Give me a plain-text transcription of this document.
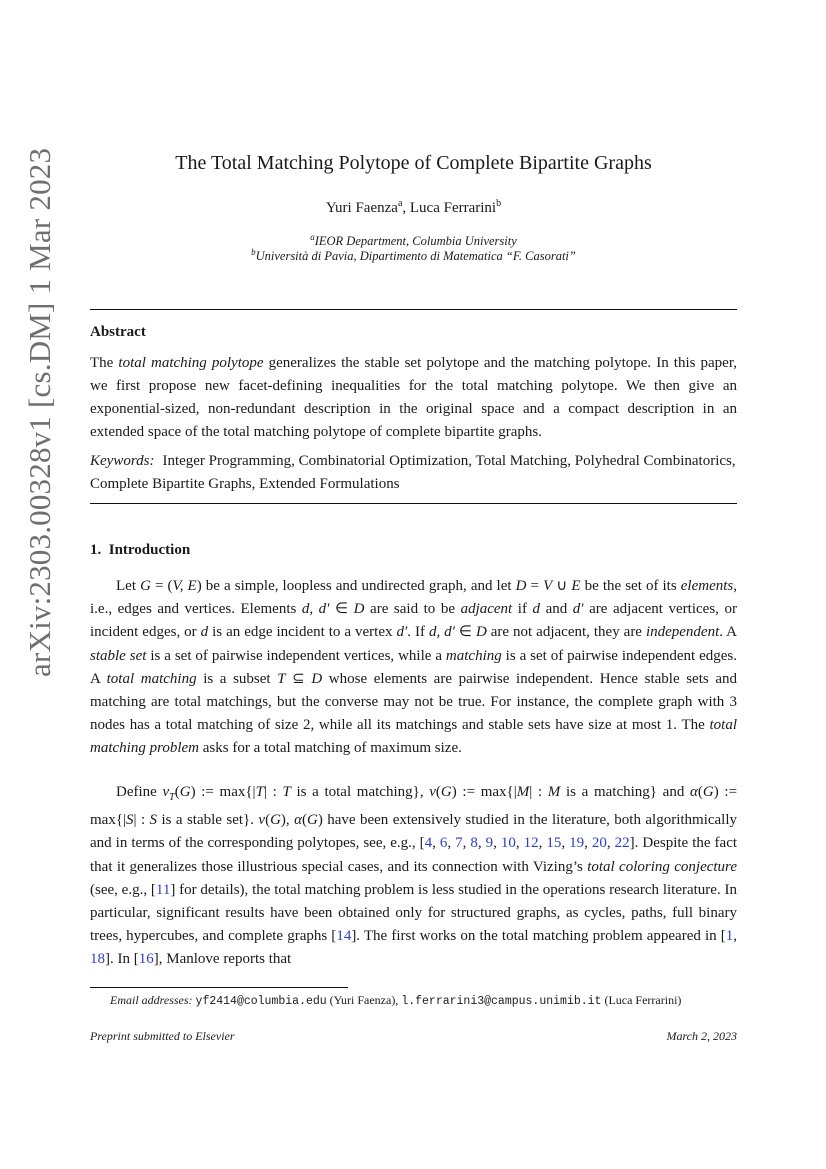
arXiv:2303.00328v1 [cs.DM] 1 Mar 2023	The Total Matching Polytope of Complete Bipartite Graphs
Yuri Faenza$^a$, Luca Ferrarini$^b$
$^a$IEOR Department, Columbia University
$^b$Università di Pavia, Dipartimento di Matematica “F. Casorati”
Abstract

The total matching polytope generalizes the stable set polytope and the matching polytope. In this paper, we first propose new facet-defining inequalities for the total matching polytope. We then give an exponential-sized, non-redundant description in the original space and a compact description in an extended space of the total matching polytope of complete bipartite graphs.

Keywords: Integer Programming, Combinatorial Optimization, Total Matching, Polyhedral Combinatorics, Complete Bipartite Graphs, Extended Formulations

1. Introduction

Let G = (V, E) be a simple, loopless and undirected graph, and let D = V ∪ E be the set of its elements, i.e., edges and vertices. Elements d, d′ ∈ D are said to be adjacent if d and d′ are adjacent vertices, or incident edges, or d is an edge incident to a vertex d′. If d, d′ ∈ D are not adjacent, they are independent. A stable set is a set of pairwise independent vertices, while a matching is a set of pairwise independent edges. A total matching is a subset T ⊆ D whose elements are pairwise independent. Hence stable sets and matching are total matchings, but the converse may not be true. For instance, the complete graph with 3 nodes has a total matching of size 2, while all its matchings and stable sets have size at most 1. The total matching problem asks for a total matching of maximum size.

Define $\nu_T(G)$ := max{|T| : T is a total matching}, ν(G) := max{|M| : M is a matching} and α(G) := max{|S| : S is a stable set}. ν(G), α(G) have been extensively studied in the literature, both algorithmically and in terms of the corresponding polytopes, see, e.g., [4, 6, 7, 8, 9, 10, 12, 15, 19, 20, 22]. Despite the fact that it generalizes those illustrious special cases, and its connection with Vizing’s total coloring conjecture (see, e.g., [11] for details), the total matching problem is less studied in the operations research literature. In particular, significant results have been obtained only for structured graphs, as cycles, paths, full binary trees, hypercubes, and complete graphs [14]. The first works on the total matching problem appeared in [1, 18]. In [16], Manlove reports that

Email addresses: yf2414@columbia.edu (Yuri Faenza), l.ferrarini3@campus.unimib.it (Luca Ferrarini)
Preprint submitted to Elsevier	March 2, 2023
